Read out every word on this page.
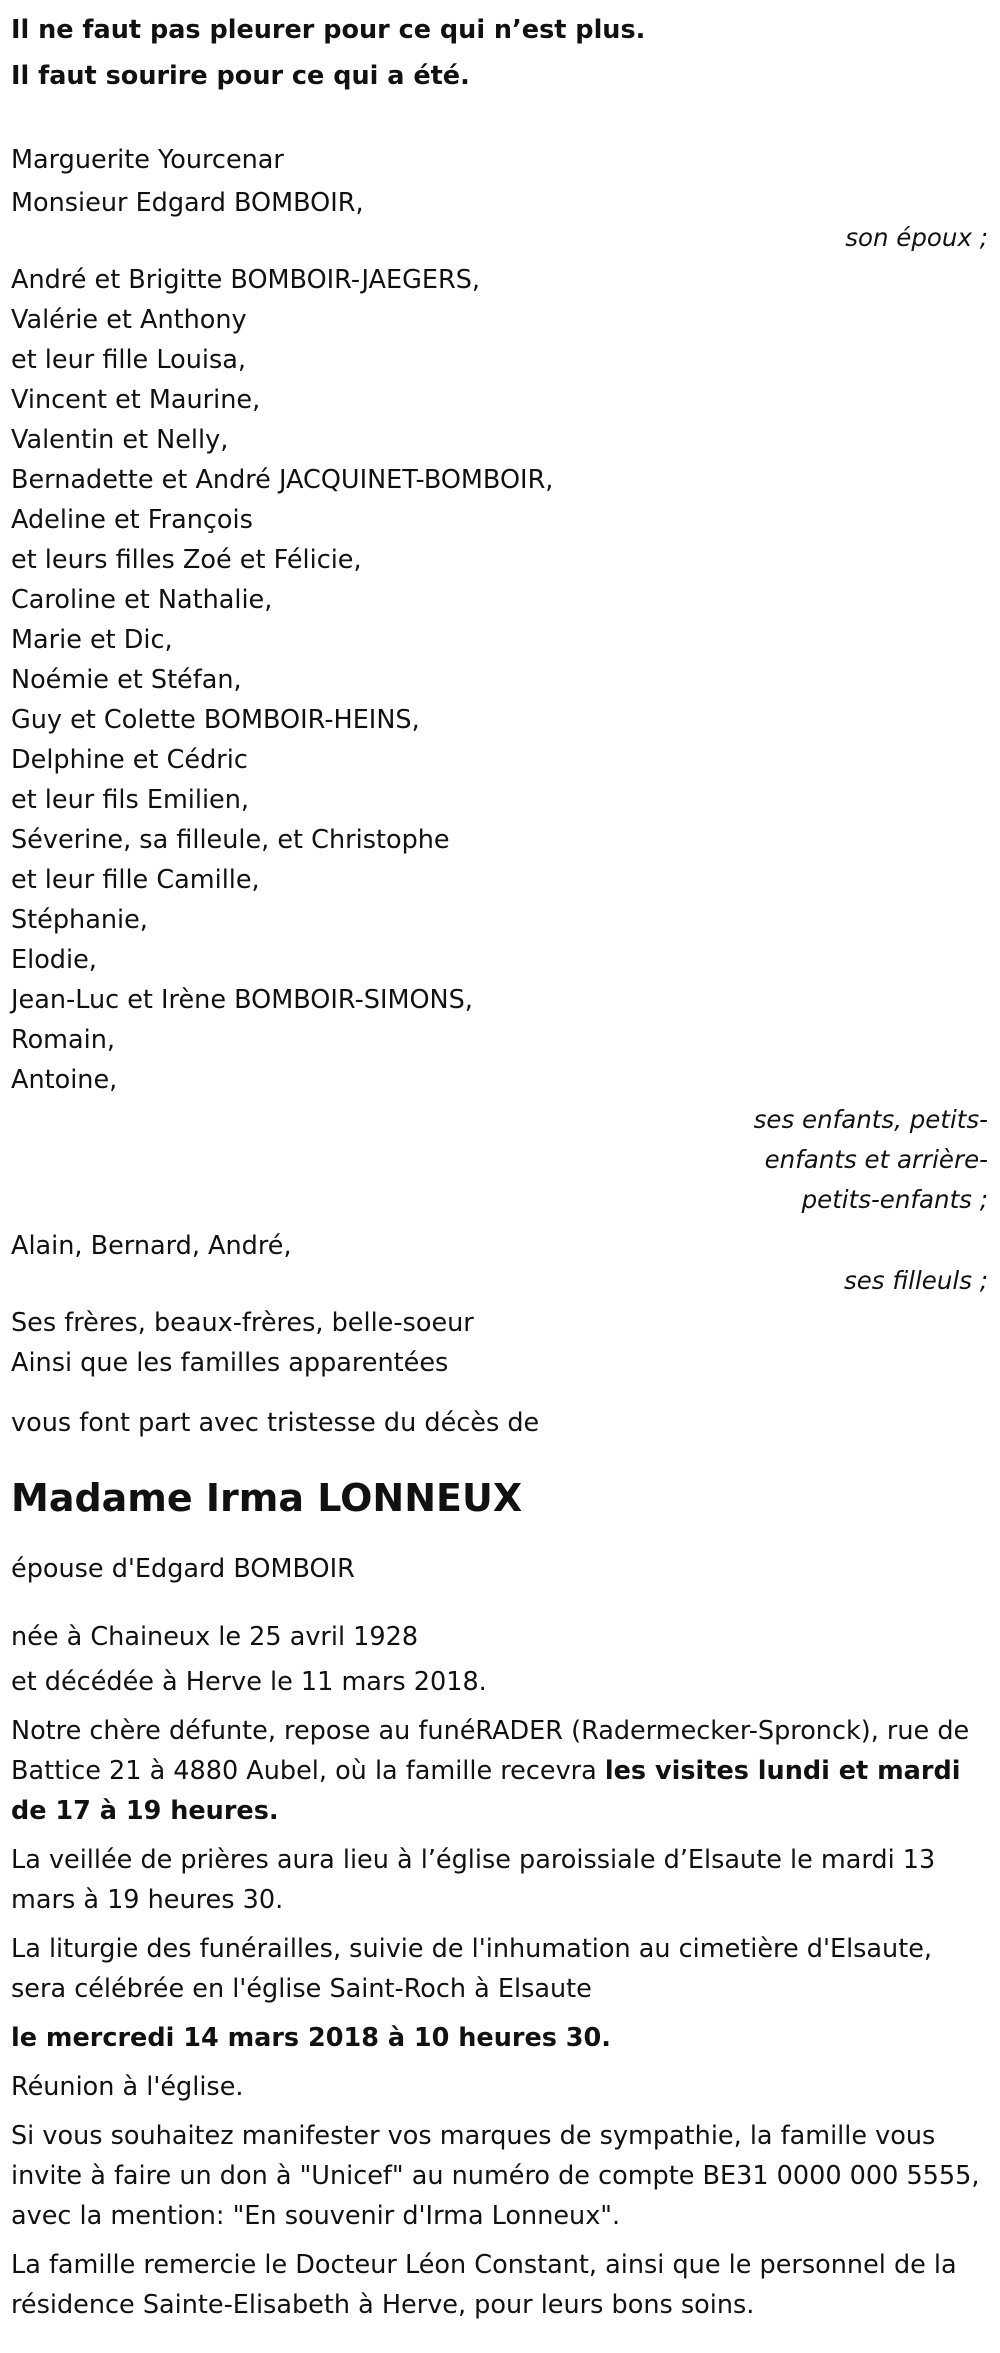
Il ne faut pas pleurer pour ce qui n’est plus.

Il faut sourire pour ce qui a été.

Marguerite Yourcenar

Monsieur Edgard BOMBOIR,

son époux ;

André et Brigitte BOMBOIR-JAEGERS,

Valérie et Anthony

et leur fille Louisa,

Vincent et Maurine,

Valentin et Nelly,

Bernadette et André JACQUINET-BOMBOIR,

Adeline et François

et leurs filles Zoé et Félicie,

Caroline et Nathalie,

Marie et Dic,

Noémie et Stéfan,

Guy et Colette BOMBOIR-HEINS,

Delphine et Cédric

et leur fils Emilien,

Séverine, sa filleule, et Christophe

et leur fille Camille,

Stéphanie,

Elodie,

Jean-Luc et Irène BOMBOIR-SIMONS,

Romain,

Antoine,

ses enfants, petits-

enfants et arrière-

petits-enfants ;

Alain, Bernard, André,

ses filleuls ;

Ses frères, beaux-frères, belle-soeur

Ainsi que les familles apparentées

vous font part avec tristesse du décès de

Madame Irma LONNEUX

épouse d'Edgard BOMBOIR

née à Chaineux le 25 avril 1928

et décédée à Herve le 11 mars 2018.

Notre chère défunte, repose au funéRADER (Radermecker-Spronck), rue de Battice 21 à 4880 Aubel, où la famille recevra les visites lundi et mardi de 17 à 19 heures.

La veillée de prières aura lieu à l’église paroissiale d’Elsaute le mardi 13 mars à 19 heures 30.

La liturgie des funérailles, suivie de l'inhumation au cimetière d'Elsaute, sera célébrée en l'église Saint-Roch à Elsaute

le mercredi 14 mars 2018 à 10 heures 30.

Réunion à l'église.

Si vous souhaitez manifester vos marques de sympathie, la famille vous invite à faire un don à "Unicef" au numéro de compte BE31 0000 000 5555, avec la mention: "En souvenir d'Irma Lonneux".

La famille remercie le Docteur Léon Constant, ainsi que le personnel de la résidence Sainte-Elisabeth à Herve, pour leurs bons soins.
